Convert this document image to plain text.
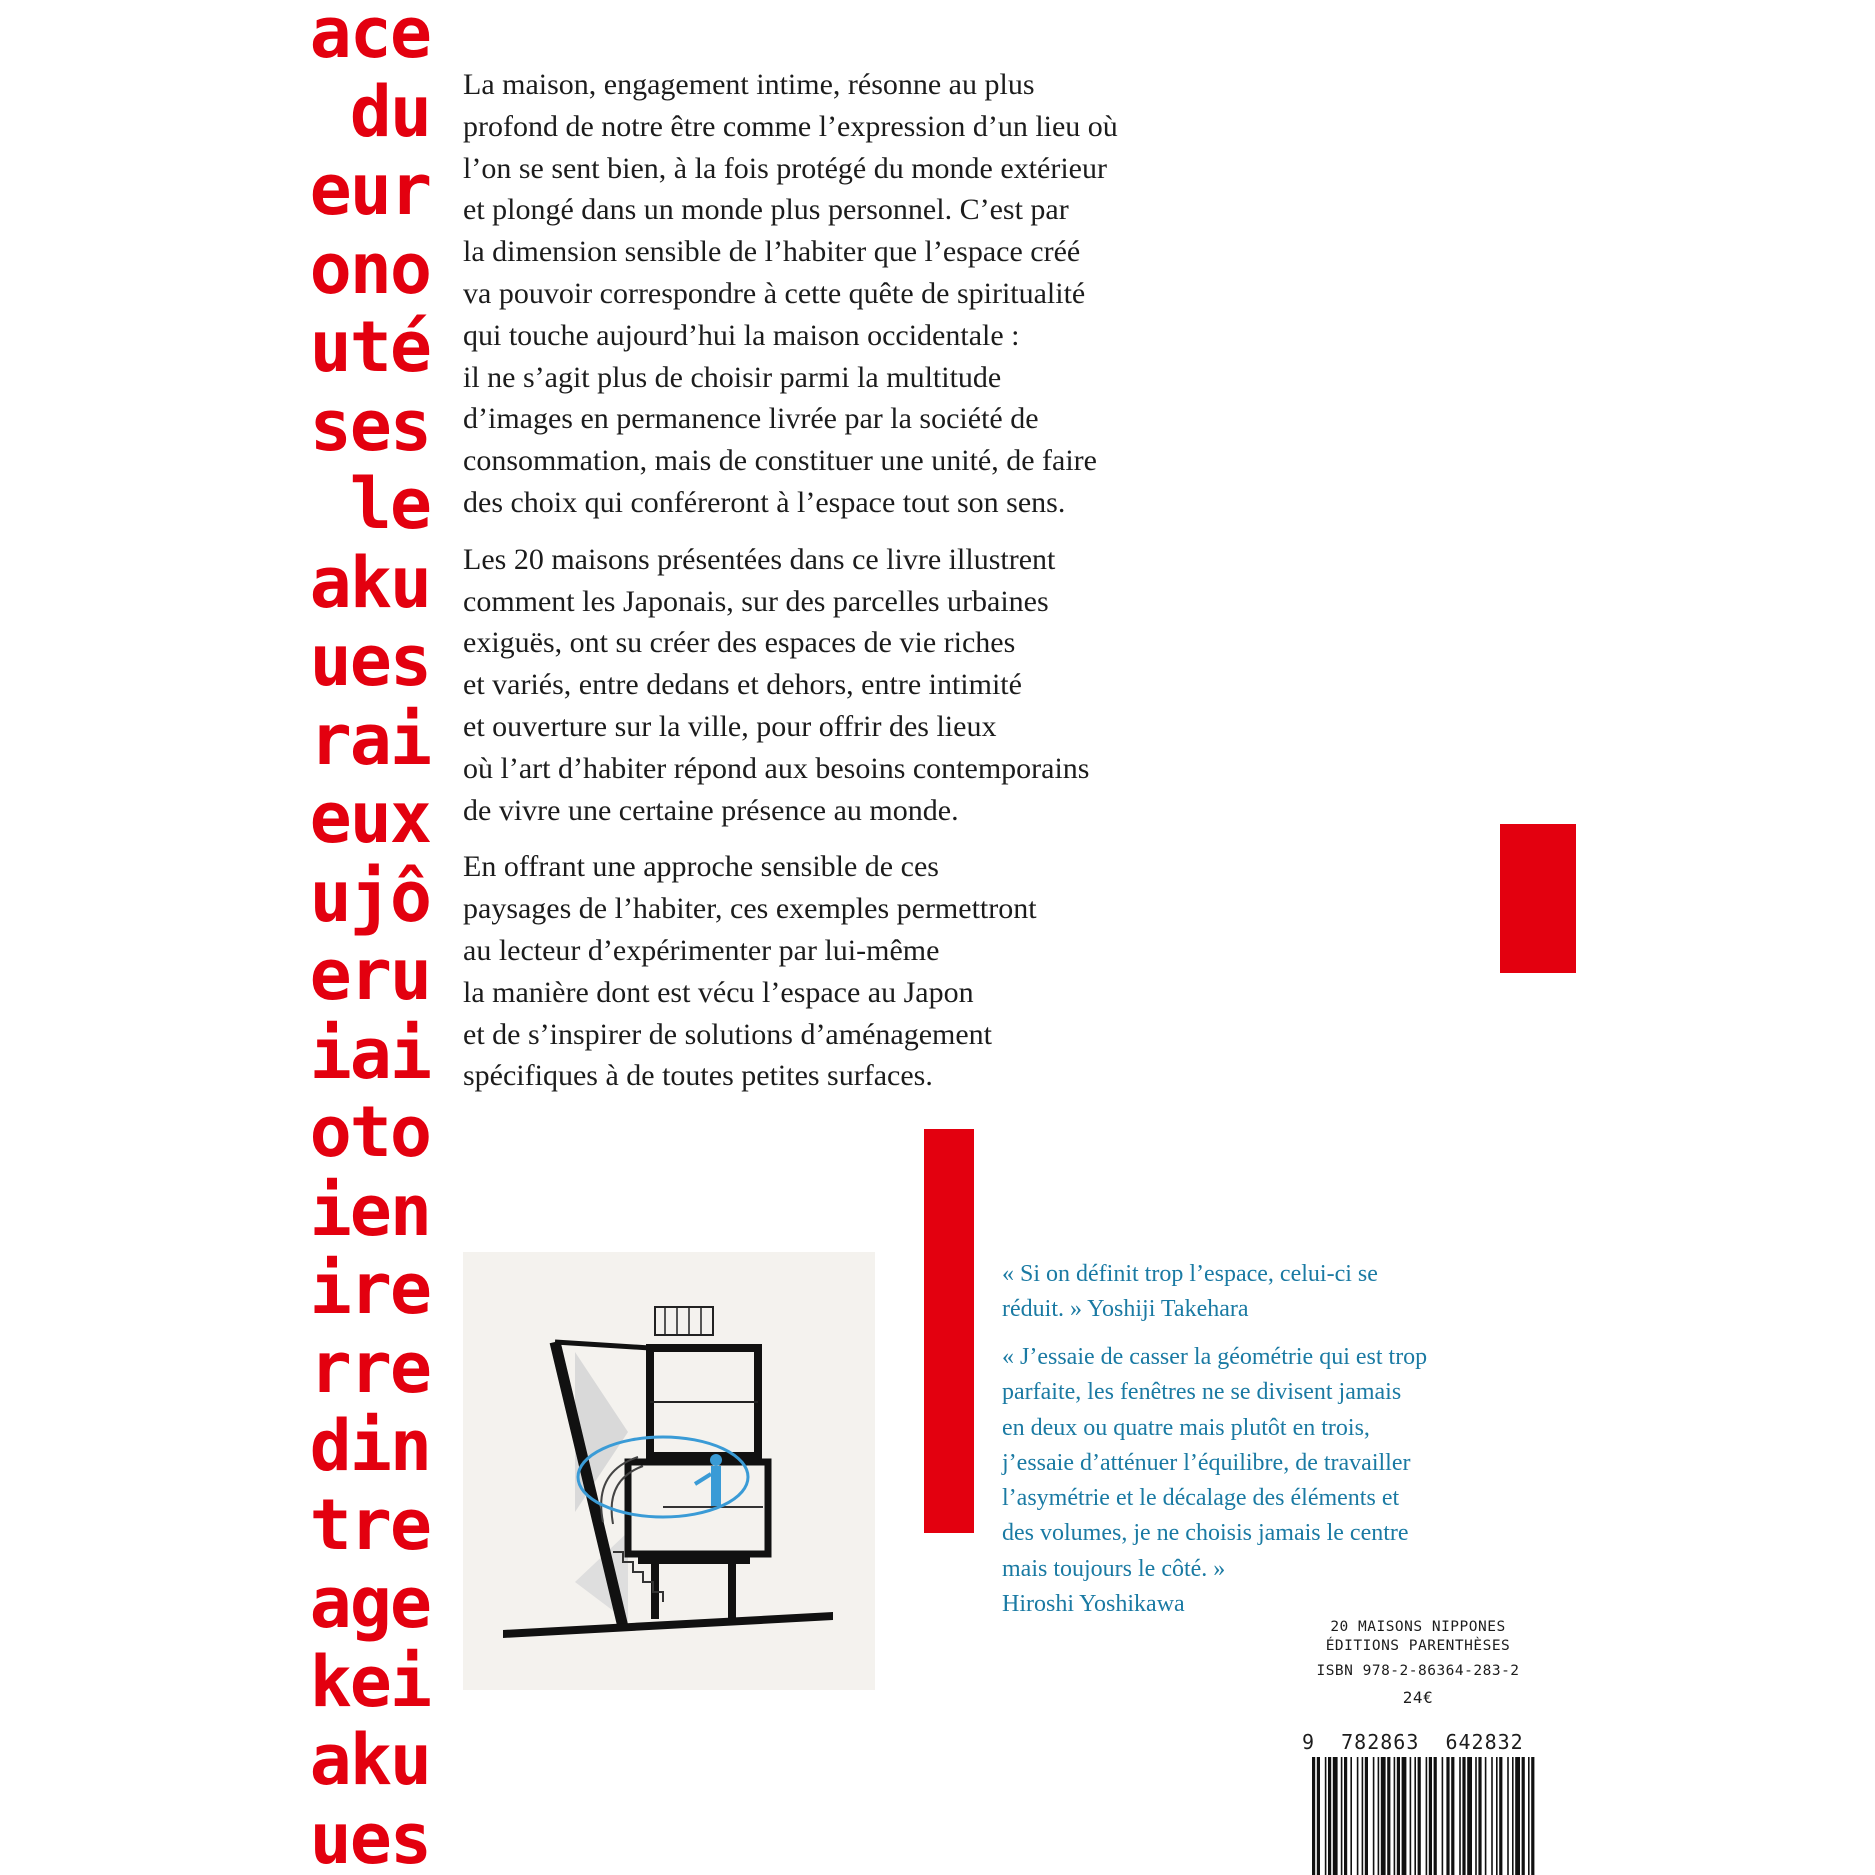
ace
du
eur
ono
uté
ses
le
aku
ues
rai
eux
ujô
eru
iai
oto
ien
ire
rre
din
tre
age
kei
aku
ues

La maison, engagement intime, résonne au plus
profond de notre être comme l’expression d’un lieu où
l’on se sent bien, à la fois protégé du monde extérieur
et plongé dans un monde plus personnel. C’est par
la dimension sensible de l’habiter que l’espace créé
va pouvoir correspondre à cette quête de spiritualité
qui touche aujourd’hui la maison occidentale :
il ne s’agit plus de choisir parmi la multitude
d’images en permanence livrée par la société de
consommation, mais de constituer une unité, de faire
des choix qui conféreront à l’espace tout son sens.

Les 20 maisons présentées dans ce livre illustrent
comment les Japonais, sur des parcelles urbaines
exiguës, ont su créer des espaces de vie riches
et variés, entre dedans et dehors, entre intimité
et ouverture sur la ville, pour offrir des lieux
où l’art d’habiter répond aux besoins contemporains
de vivre une certaine présence au monde.

En offrant une approche sensible de ces
paysages de l’habiter, ces exemples permettront
au lecteur d’expérimenter par lui-même
la manière dont est vécu l’espace au Japon
et de s’inspirer de solutions d’aménagement
spécifiques à de toutes petites surfaces.

« Si on définit trop l’espace, celui-ci se
réduit. » Yoshiji Takehara
« J’essaie de casser la géométrie qui est trop
parfaite, les fenêtres ne se divisent jamais
en deux ou quatre mais plutôt en trois,
j’essaie d’atténuer l’équilibre, de travailler
l’asymétrie et le décalage des éléments et
des volumes, je ne choisis jamais le centre
mais toujours le côté. »
Hiroshi Yoshikawa
20 MAISONS NIPPONES
ÉDITIONS PARENTHÈSES
ISBN 978-2-86364-283-2
24€
9  782863  642832
